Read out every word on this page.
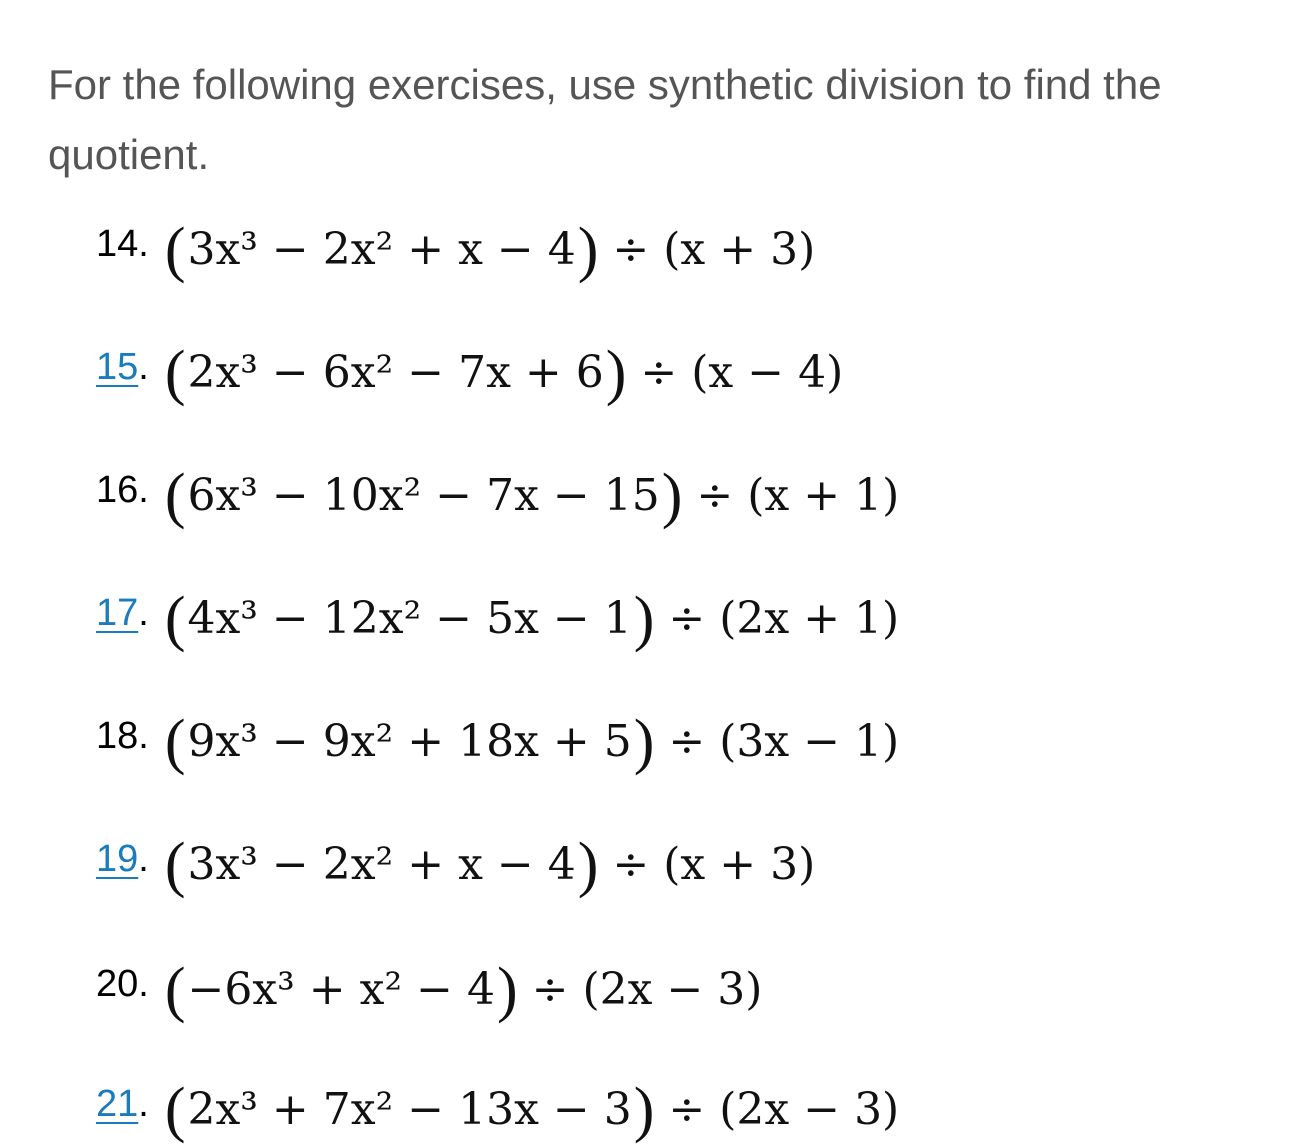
For the following exercises, use synthetic division to find the quotient.

14 . ( 3x³ − 2x² + x − 4 ) ÷ (x + 3)
15 . ( 2x³ − 6x² − 7x + 6 ) ÷ (x − 4)
16 . ( 6x³ − 10x² − 7x − 15 ) ÷ (x + 1)
17 . ( 4x³ − 12x² − 5x − 1 ) ÷ (2x + 1)
18 . ( 9x³ − 9x² + 18x + 5 ) ÷ (3x − 1)
19 . ( 3x³ − 2x² + x − 4 ) ÷ (x + 3)
20 . ( −6x³ + x² − 4 ) ÷ (2x − 3)
21 . ( 2x³ + 7x² − 13x − 3 ) ÷ (2x − 3)
